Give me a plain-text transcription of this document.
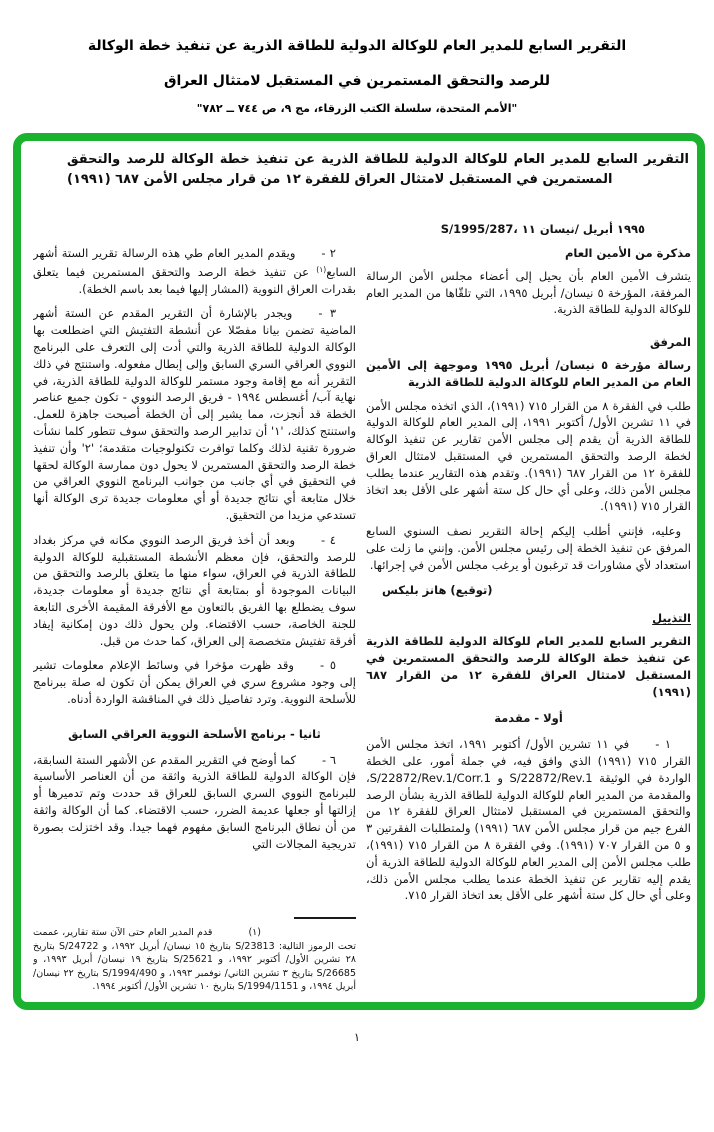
التقرير السابع للمدير العام للوكالة الدولية للطاقة الذرية عن تنفيذ خطة الوكالة
للرصد والتحقق المستمرين في المستقبل لامتثال العراق
"الأمم المتحدة، سلسلة الكتب الزرقاء، مج ٩، ص ٧٤٤ ــ ٧٨٢"
التقرير السابع للمدير العام للوكالة الدولية للطاقة الذرية عن تنفيذ خطة الوكالة للرصد والتحقق المستمرين في المستقبل لامتثال العراق للفقرة ١٢ من قرار مجلس الأمن ٦٨٧ (١٩٩١)
S/1995/287، ١١‎ نيسان/‎ أبريل‎ ١٩٩٥
مذكرة من الأمين العام
يتشرف الأمين العام بأن يحيل إلى أعضاء مجلس الأمن الرسالة المرفقة، المؤرخة ٥ نيسان/ أبريل ١٩٩٥، التي تلقّاها من المدير العام للوكالة الدولية للطاقة الذرية.
المرفق
رسالة مؤرخة ٥ نيسان/ أبريل ١٩٩٥ وموجهة إلى الأمين العام من المدير العام للوكالة الدولية للطاقة الذرية
طلب في الفقرة ٨ من القرار ٧١٥ (١٩٩١)، الذي اتخذه مجلس الأمن في ١١ تشرين الأول/ أكتوبر ١٩٩١، إلى المدير العام للوكالة الدولية للطاقة الذرية أن يقدم إلى مجلس الأمن تقارير عن تنفيذ الوكالة لخطة الرصد والتحقق المستمرين في المستقبل لامتثال العراق للفقرة ١٢ من القرار ٦٨٧ (١٩٩١). وتقدم هذه التقارير عندما يطلب مجلس الأمن ذلك، وعلى أي حال كل ستة أشهر على الأقل بعد اتخاذ القرار ٧١٥ (١٩٩١).
وعليه، فإنني أطلب إليكم إحالة التقرير نصف السنوي السابع المرفق عن تنفيذ الخطة إلى رئيس مجلس الأمن. وإنني ما زلت على استعداد لأي مشاورات قد ترغبون أو يرغب مجلس الأمن في إجرائها.
(توقيع) هانز بليكس
التذييل
التقرير السابع للمدير العام للوكالة الدولية للطاقة الذرية عن تنفيذ خطة الوكالة للرصد والتحقق المستمرين في المستقبل لامتثال العراق للفقرة ١٢ من القرار ٦٨٧ (١٩٩١)
أولا - مقدمة
١ -في ١١ تشرين الأول/ أكتوبر ١٩٩١، اتخذ مجلس الأمن القرار ٧١٥ (١٩٩١) الذي وافق فيه، في جملة أمور، على الخطة الواردة في الوثيقة S/22872/Rev.1 و S/22872/Rev.1/Corr.1، والمقدمة من المدير العام للوكالة الدولية للطاقة الذرية بشأن الرصد والتحقق المستمرين في المستقبل لامتثال العراق للفقرة ١٢ من الفرع جيم من قرار مجلس الأمن ٦٨٧ (١٩٩١) ولمتطلبات الفقرتين ٣ و ٥ من القرار ٧٠٧ (١٩٩١). وفي الفقرة ٨ من القرار ٧١٥ (١٩٩١)، طلب مجلس الأمن إلى المدير العام للوكالة الدولية للطاقة الذرية أن يقدم إليه تقارير عن تنفيذ الخطة عندما يطلب مجلس الأمن ذلك، وعلى أي حال كل ستة أشهر على الأقل بعد اتخاذ القرار ٧١٥.
٢ -ويقدم المدير العام طي هذه الرسالة تقرير الستة أشهر السابع$^{(١)}$ عن تنفيذ خطة الرصد والتحقق المستمرين فيما يتعلق بقدرات العراق النووية (المشار إليها فيما بعد باسم الخطة).
٣ -ويجدر بالإشارة أن التقرير المقدم عن الستة أشهر الماضية تضمن بيانا مفصّلا عن أنشطة التفتيش التي اضطلعت بها الوكالة الدولية للطاقة الذرية والتي أدت إلى التعرف على البرنامج النووي العراقي السري السابق وإلى إبطال مفعوله. واستنتج في ذلك التقرير أنه مع إقامة وجود مستمر للوكالة الدولية للطاقة الذرية، في نهاية آب/ أغسطس ١٩٩٤ - فريق الرصد النووي - تكون جميع عناصر الخطة قد أنجزت، مما يشير إلى أن الخطة أصبحت جاهزة للعمل. واستنتج كذلك، '١' أن تدابير الرصد والتحقق سوف تتطور كلما نشأت ضرورة تقنية لذلك وكلما توافرت تكنولوجيات متقدمة؛ '٢' وأن تنفيذ خطة الرصد والتحقق المستمرين لا يحول دون ممارسة الوكالة لحقها في التحقيق في أي جانب من جوانب البرنامج النووي العراقي من خلال متابعة أي نتائج جديدة أو أي معلومات جديدة ترى الوكالة أنها تستدعي مزيدا من التحقيق.
٤ -وبعد أن أخذ فريق الرصد النووي مكانه في مركز بغداد للرصد والتحقق، فإن معظم الأنشطة المستقبلية للوكالة الدولية للطاقة الذرية في العراق، سواء منها ما يتعلق بالرصد والتحقق من البيانات الموجودة أو بمتابعة أي نتائج جديدة أو معلومات جديدة، سوف يضطلع بها الفريق بالتعاون مع الأفرقة المقيمة الأخرى التابعة للجنة الخاصة، حسب الاقتضاء. ولن يحول ذلك دون إمكانية إيفاد أفرقة تفتيش متخصصة إلى العراق، كما حدث من قبل.
٥ -وقد ظهرت مؤخرا في وسائط الإعلام معلومات تشير إلى وجود مشروع سري في العراق يمكن أن تكون له صلة ببرنامج للأسلحة النووية. وترد تفاصيل ذلك في المناقشة الواردة أدناه.
ثانيا - برنامج الأسلحة النووية العراقي السابق
٦ -كما أوضح في التقرير المقدم عن الأشهر الستة السابقة، فإن الوكالة الدولية للطاقة الذرية واثقة من أن العناصر الأساسية للبرنامج النووي السري السابق للعراق قد حددت وتم تدميرها أو إزالتها أو جعلها عديمة الضرر، حسب الاقتضاء. كما أن الوكالة واثقة من أن نطاق البرنامج السابق مفهوم فهما جيدا. وقد اختزلت بصورة تدريجية المجالات التي
(١)قدم المدير العام حتى الآن ستة تقارير، عممت تحت الرموز التالية: S/23813 بتاريخ ١٥ نيسان/ أبريل ١٩٩٢، و S/24722 بتاريخ ٢٨ تشرين الأول/ أكتوبر ١٩٩٢، و S/25621 بتاريخ ١٩ نيسان/ أبريل ١٩٩٣، و S/26685 بتاريخ ٣ تشرين الثاني/ نوفمبر ١٩٩٣، و S/1994/490 بتاريخ ٢٢ نيسان/ أبريل ١٩٩٤، و S/1994/1151 بتاريخ ١٠ تشرين الأول/ أكتوبر ١٩٩٤.
١
